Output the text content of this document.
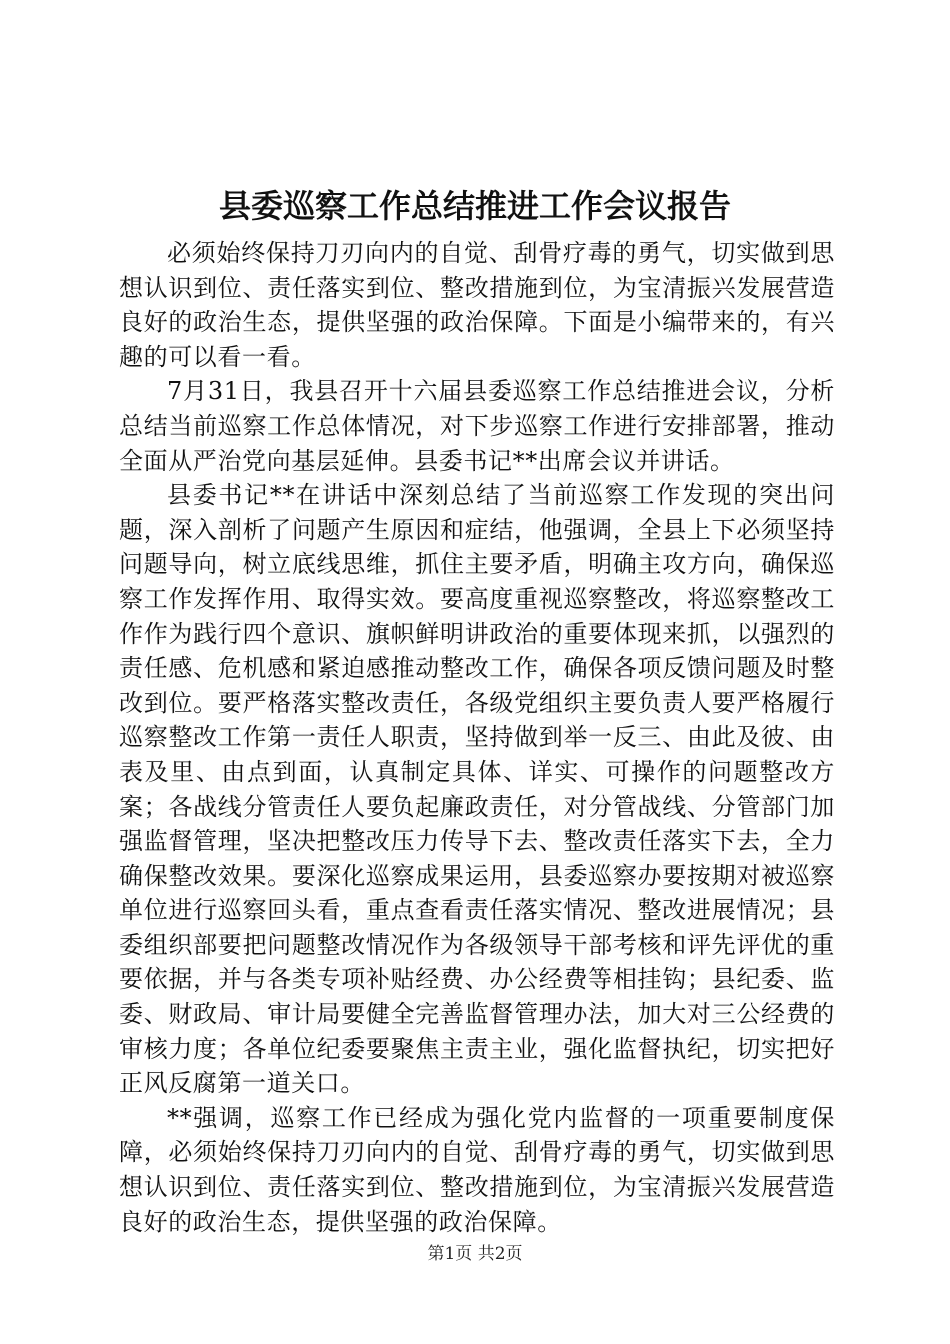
县委巡察工作总结推进工作会议报告

必须始终保持刀刃向内的自觉、刮骨疗毒的勇气，切实做到思想认识到位、责任落实到位、整改措施到位，为宝清振兴发展营造良好的政治生态，提供坚强的政治保障。下面是小编带来的，有兴趣的可以看一看。

7月31日，我县召开十六届县委巡察工作总结推进会议，分析总结当前巡察工作总体情况，对下步巡察工作进行安排部署，推动全面从严治党向基层延伸。县委书记**出席会议并讲话。

县委书记**在讲话中深刻总结了当前巡察工作发现的突出问题，深入剖析了问题产生原因和症结，他强调，全县上下必须坚持问题导向，树立底线思维，抓住主要矛盾，明确主攻方向，确保巡察工作发挥作用、取得实效。要高度重视巡察整改，将巡察整改工作作为践行四个意识、旗帜鲜明讲政治的重要体现来抓，以强烈的责任感、危机感和紧迫感推动整改工作，确保各项反馈问题及时整改到位。要严格落实整改责任，各级党组织主要负责人要严格履行巡察整改工作第一责任人职责，坚持做到举一反三、由此及彼、由表及里、由点到面，认真制定具体、详实、可操作的问题整改方案；各战线分管责任人要负起廉政责任，对分管战线、分管部门加强监督管理，坚决把整改压力传导下去、整改责任落实下去，全力确保整改效果。要深化巡察成果运用，县委巡察办要按期对被巡察单位进行巡察回头看，重点查看责任落实情况、整改进展情况；县委组织部要把问题整改情况作为各级领导干部考核和评先评优的重要依据，并与各类专项补贴经费、办公经费等相挂钩；县纪委、监委、财政局、审计局要健全完善监督管理办法，加大对三公经费的审核力度；各单位纪委要聚焦主责主业，强化监督执纪，切实把好正风反腐第一道关口。

**强调，巡察工作已经成为强化党内监督的一项重要制度保障，必须始终保持刀刃向内的自觉、刮骨疗毒的勇气，切实做到思想认识到位、责任落实到位、整改措施到位，为宝清振兴发展营造良好的政治生态，提供坚强的政治保障。

第1页 共2页
